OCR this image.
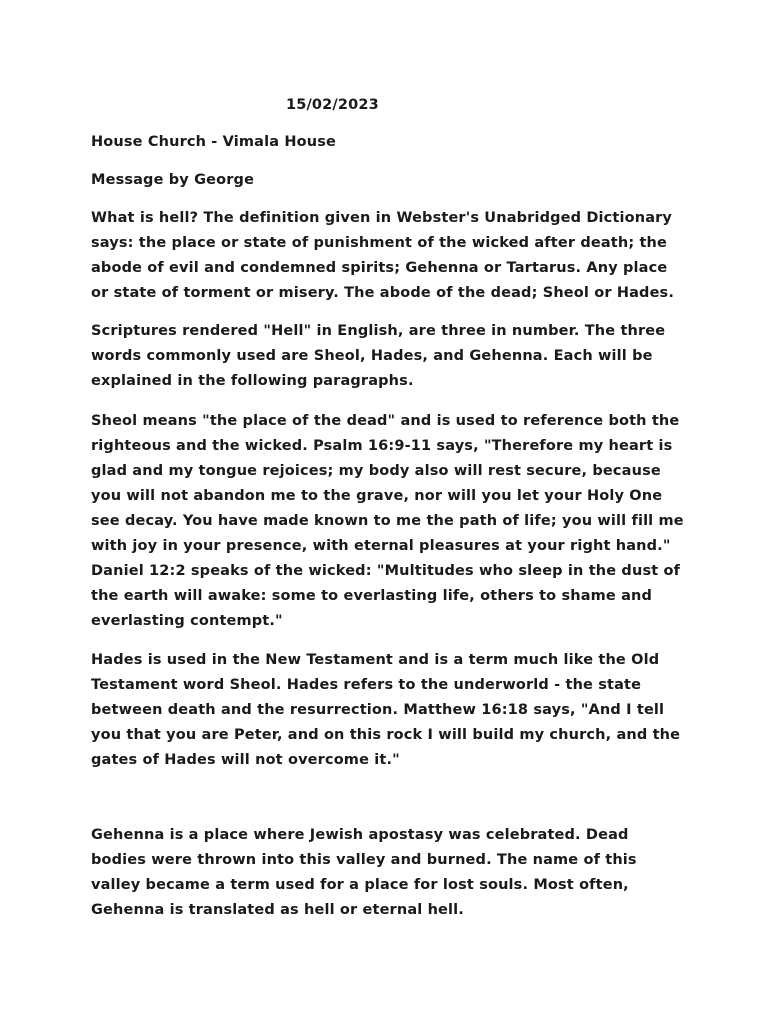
15/02/2023

House Church - Vimala House

Message by George

What is hell? The definition given in Webster's Unabridged Dictionary
says: the place or state of punishment of the wicked after death; the
abode of evil and condemned spirits; Gehenna or Tartarus. Any place
or state of torment or misery. The abode of the dead; Sheol or Hades.
Scriptures rendered "Hell" in English, are three in number. The three
words commonly used are Sheol, Hades, and Gehenna. Each will be
explained in the following paragraphs.
Sheol means "the place of the dead" and is used to reference both the
righteous and the wicked. Psalm 16:9-11 says, "Therefore my heart is
glad and my tongue rejoices; my body also will rest secure, because
you will not abandon me to the grave, nor will you let your Holy One
see decay. You have made known to me the path of life; you will fill me
with joy in your presence, with eternal pleasures at your right hand."
Daniel 12:2 speaks of the wicked: "Multitudes who sleep in the dust of
the earth will awake: some to everlasting life, others to shame and
everlasting contempt."
Hades is used in the New Testament and is a term much like the Old
Testament word Sheol. Hades refers to the underworld - the state
between death and the resurrection. Matthew 16:18 says, "And I tell
you that you are Peter, and on this rock I will build my church, and the
gates of Hades will not overcome it."
Gehenna is a place where Jewish apostasy was celebrated. Dead
bodies were thrown into this valley and burned. The name of this
valley became a term used for a place for lost souls. Most often,
Gehenna is translated as hell or eternal hell.
